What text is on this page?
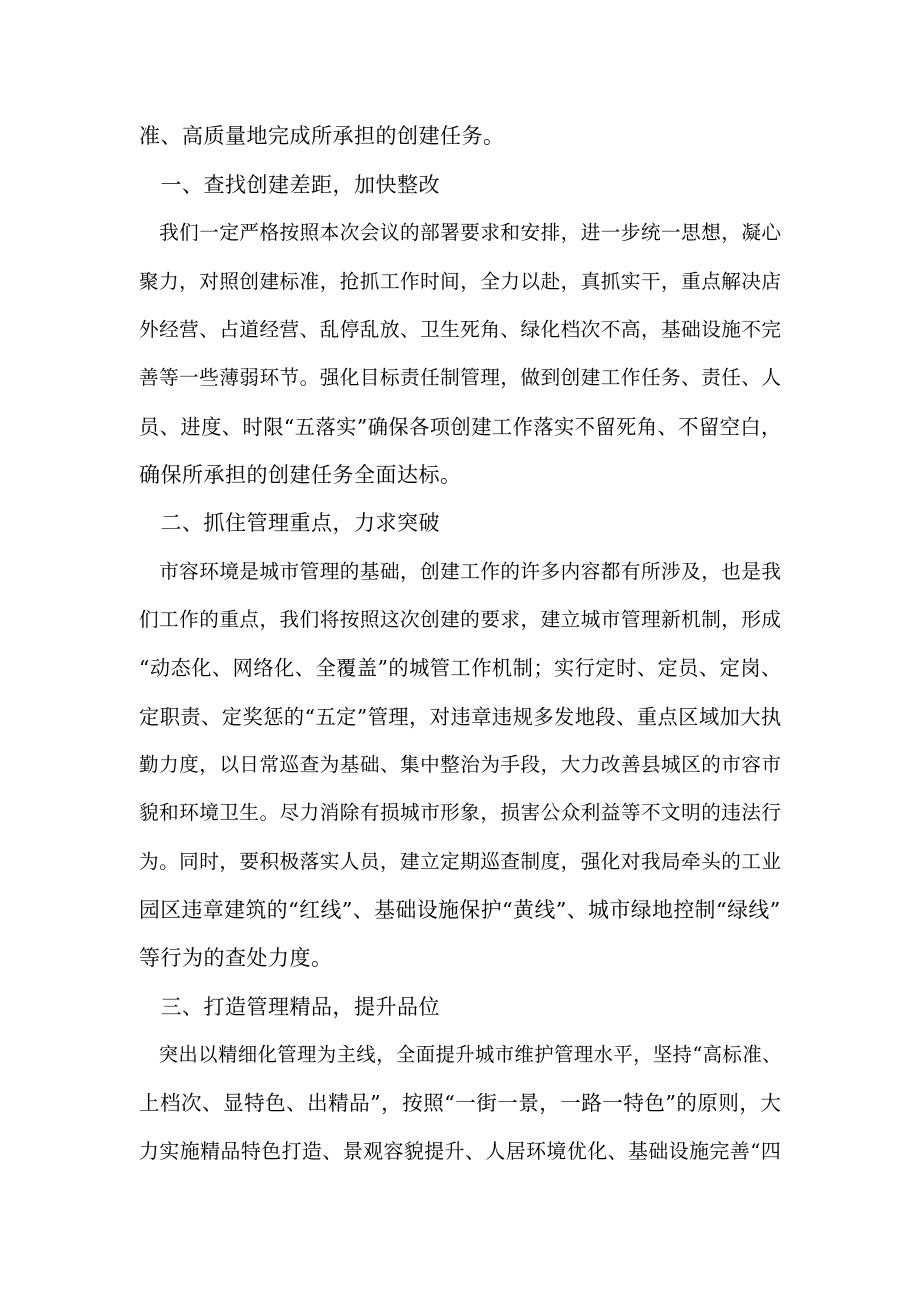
准、高质量地完成所承担的创建任务。
　一、查找创建差距，加快整改
　我们一定严格按照本次会议的部署要求和安排，进一步统一思想，凝心
聚力，对照创建标准，抢抓工作时间，全力以赴，真抓实干，重点解决店
外经营、占道经营、乱停乱放、卫生死角、绿化档次不高，基础设施不完
善等一些薄弱环节。强化目标责任制管理，做到创建工作任务、责任、人
员、进度、时限“五落实”确保各项创建工作落实不留死角、不留空白，
确保所承担的创建任务全面达标。
　二、抓住管理重点，力求突破
　市容环境是城市管理的基础，创建工作的许多内容都有所涉及，也是我
们工作的重点，我们将按照这次创建的要求，建立城市管理新机制，形成
“动态化、网络化、全覆盖”的城管工作机制；实行定时、定员、定岗、
定职责、定奖惩的“五定”管理，对违章违规多发地段、重点区域加大执
勤力度，以日常巡查为基础、集中整治为手段，大力改善县城区的市容市
貌和环境卫生。尽力消除有损城市形象，损害公众利益等不文明的违法行
为。同时，要积极落实人员，建立定期巡查制度，强化对我局牵头的工业
园区违章建筑的“红线”、基础设施保护“黄线”、城市绿地控制“绿线”
等行为的查处力度。
　三、打造管理精品，提升品位
　突出以精细化管理为主线，全面提升城市维护管理水平，坚持“高标准、
上档次、显特色、出精品”，按照“一街一景，一路一特色”的原则，大
力实施精品特色打造、景观容貌提升、人居环境优化、基础设施完善“四
